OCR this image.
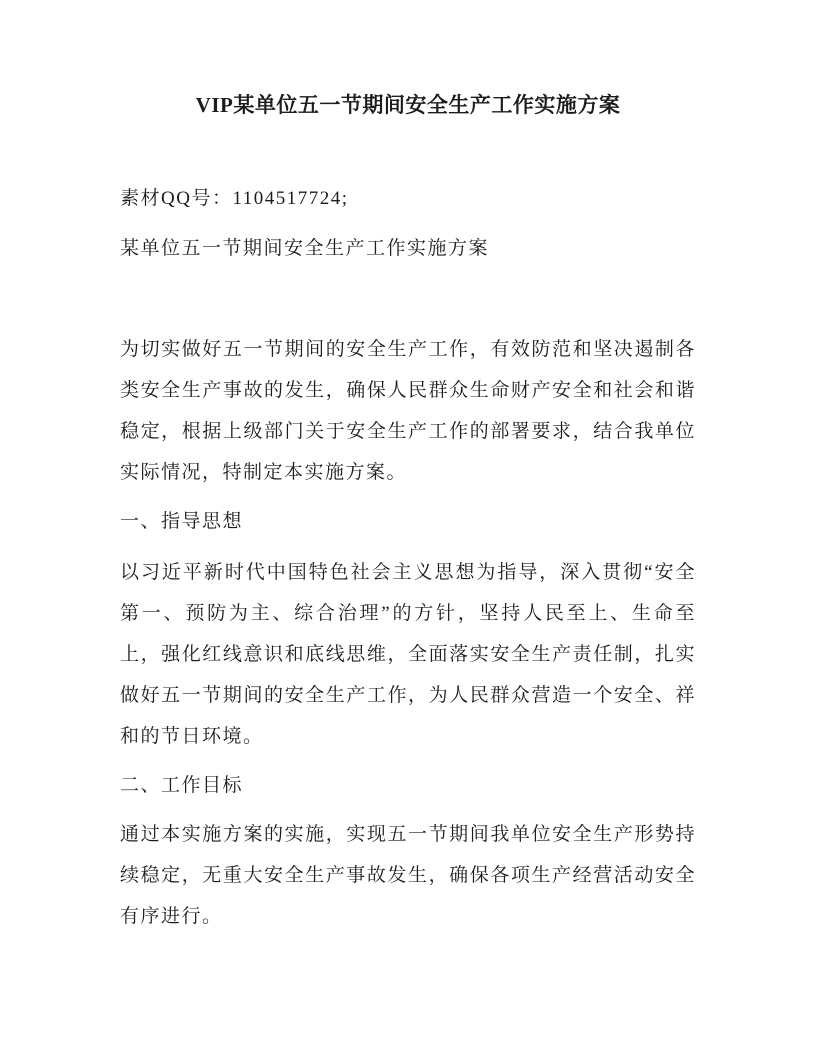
VIP某单位五一节期间安全生产工作实施方案

素材QQ号：1104517724;

某单位五一节期间安全生产工作实施方案

为切实做好五一节期间的安全生产工作，有效防范和坚决遏制各类安全生产事故的发生，确保人民群众生命财产安全和社会和谐稳定，根据上级部门关于安全生产工作的部署要求，结合我单位实际情况，特制定本实施方案。

一、指导思想

以习近平新时代中国特色社会主义思想为指导，深入贯彻“安全第一、预防为主、综合治理”的方针，坚持人民至上、生命至上，强化红线意识和底线思维，全面落实安全生产责任制，扎实做好五一节期间的安全生产工作，为人民群众营造一个安全、祥和的节日环境。

二、工作目标

通过本实施方案的实施，实现五一节期间我单位安全生产形势持续稳定，无重大安全生产事故发生，确保各项生产经营活动安全有序进行。
